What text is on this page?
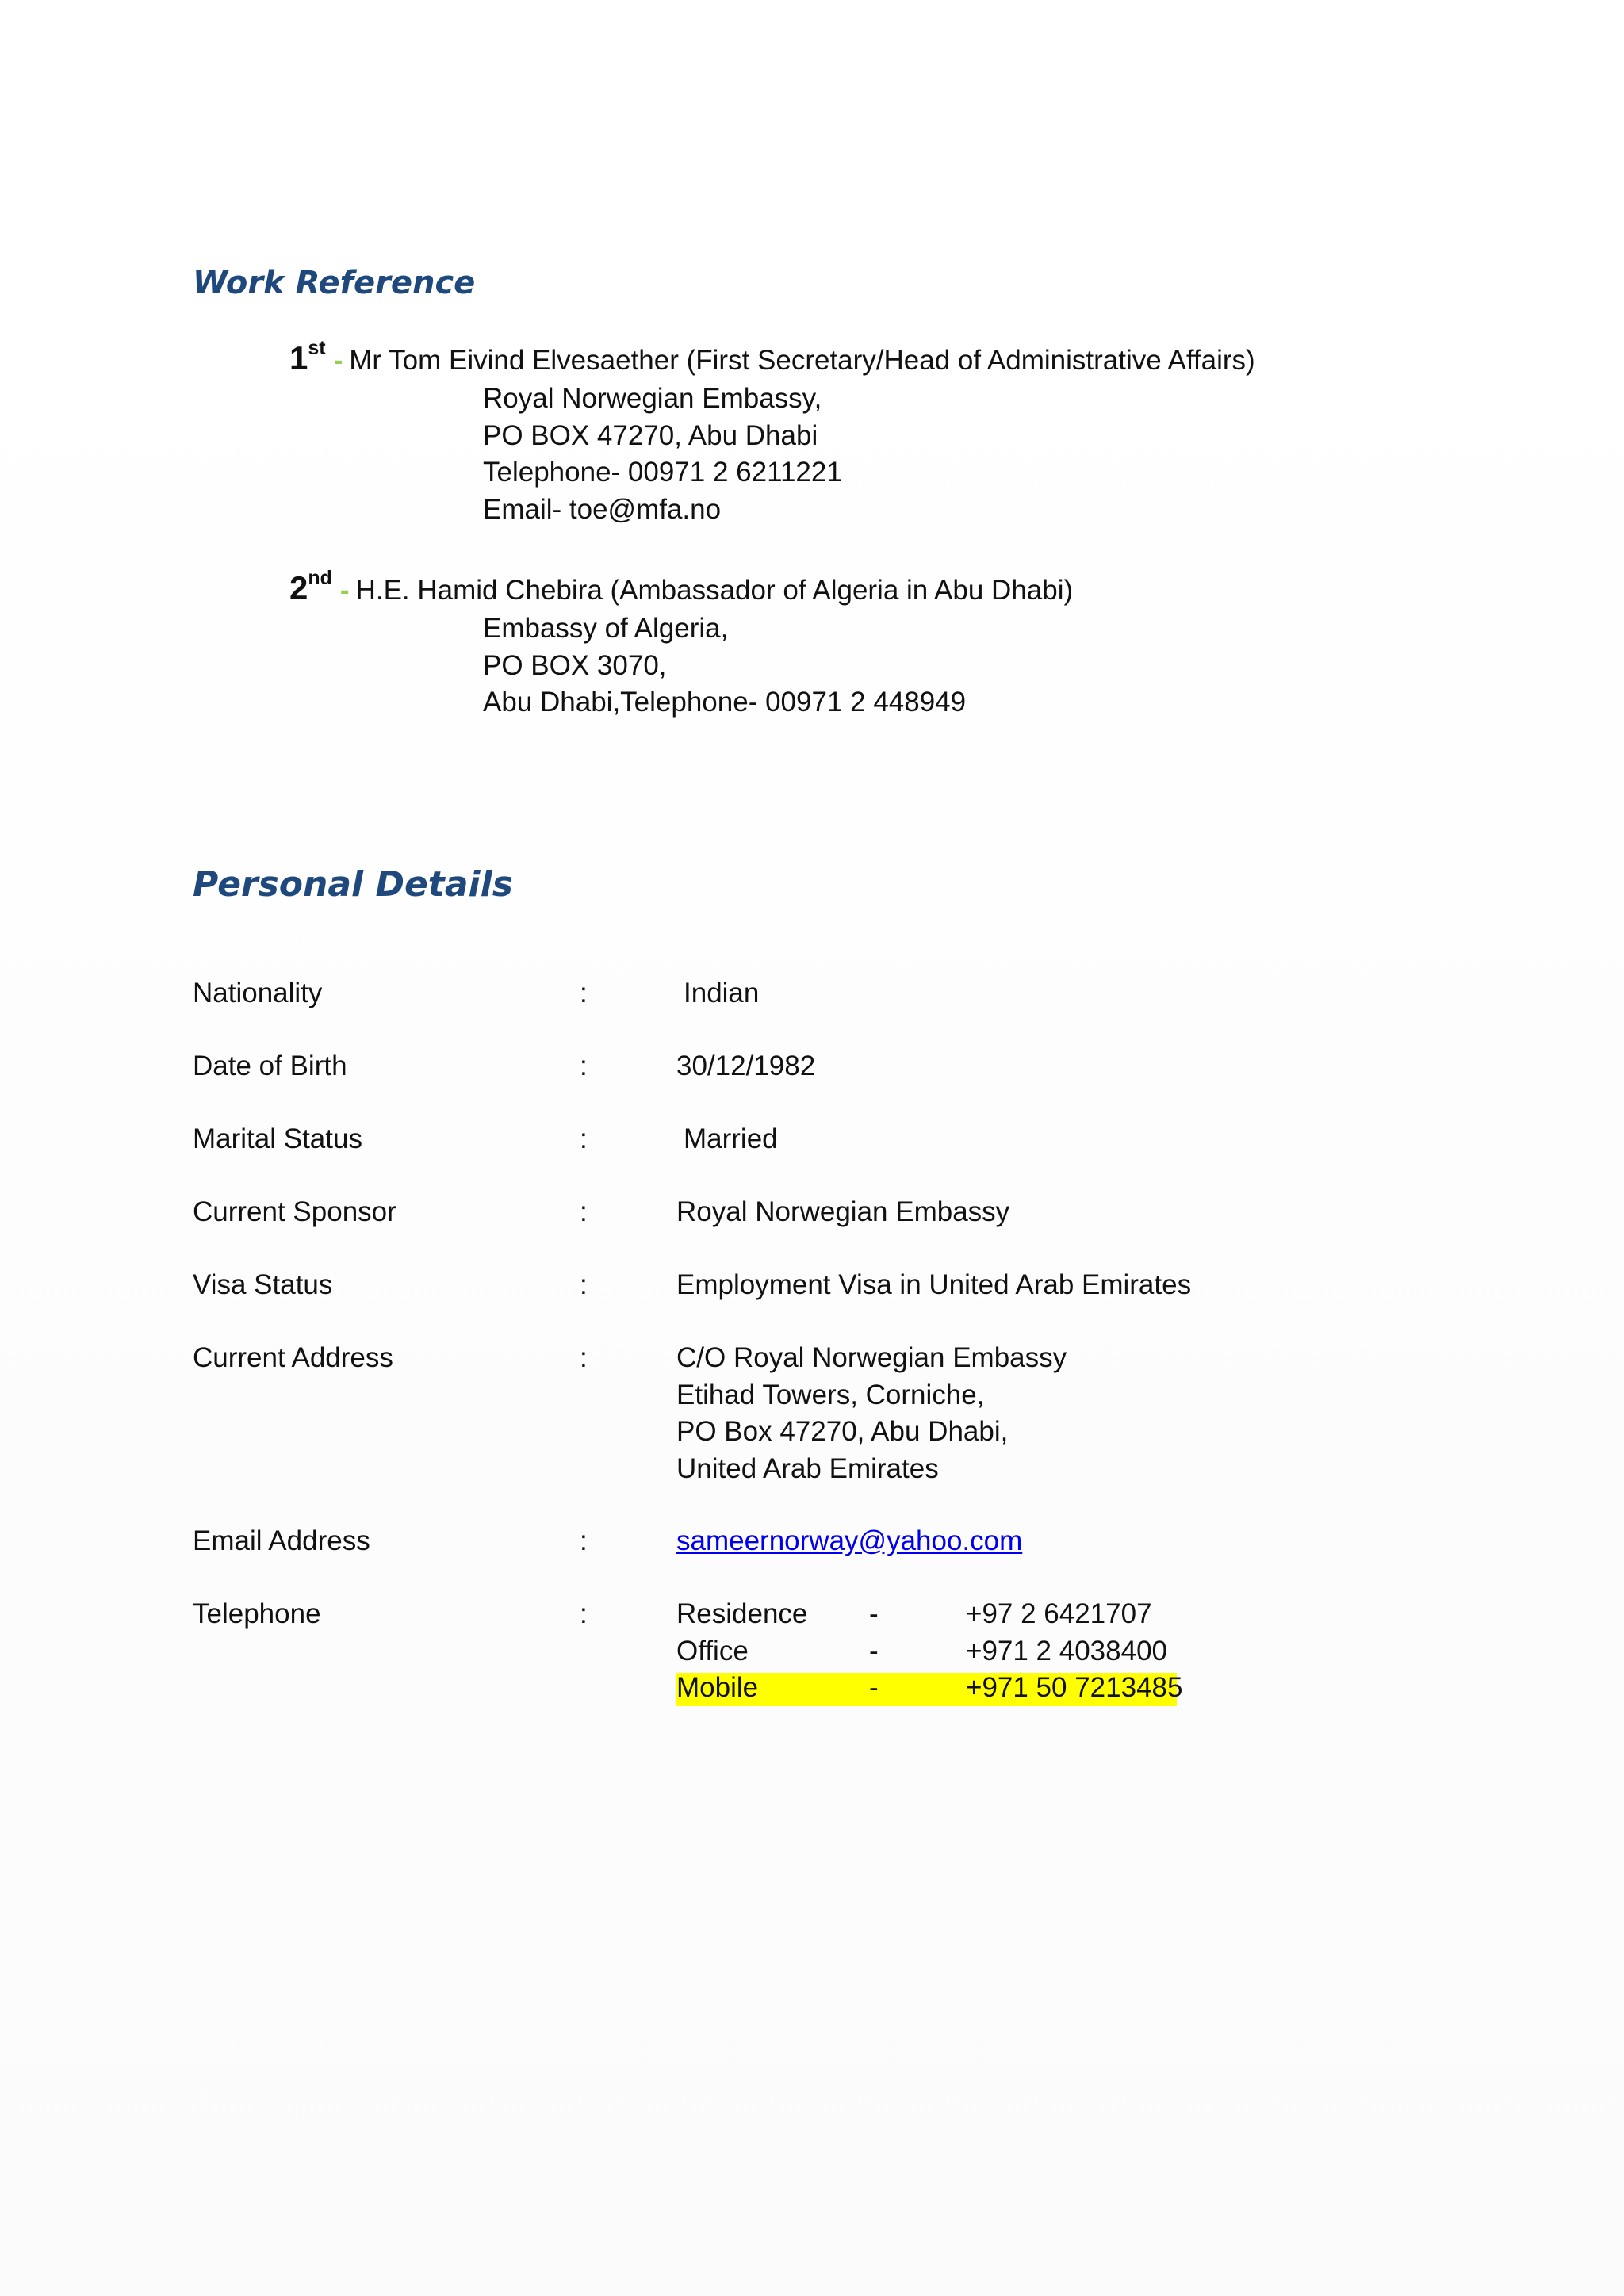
Work Reference
1st - Mr Tom Eivind Elvesaether (First Secretary/Head of Administrative Affairs)
Royal Norwegian Embassy,
PO BOX 47270, Abu Dhabi
Telephone- 00971 2 6211221
Email- toe@mfa.no
2nd - H.E. Hamid Chebira (Ambassador of Algeria in Abu Dhabi)
Embassy of Algeria,
PO BOX 3070,
Abu Dhabi,Telephone- 00971 2 448949
Personal Details
Nationality	:	Indian
Date of Birth	:	30/12/1982
Marital Status	:	Married
Current Sponsor	:	Royal Norwegian Embassy
Visa Status	:	Employment Visa in United Arab Emirates
Current Address	:	C/O Royal Norwegian Embassy
Etihad Towers, Corniche,
PO Box 47270, Abu Dhabi,
United Arab Emirates
Email Address	:	sameernorway@yahoo.com
Telephone	:	Residence -	+97 2 6421707
Office	-	+971 2 4038400
Mobile	-	+971 50 7213485
